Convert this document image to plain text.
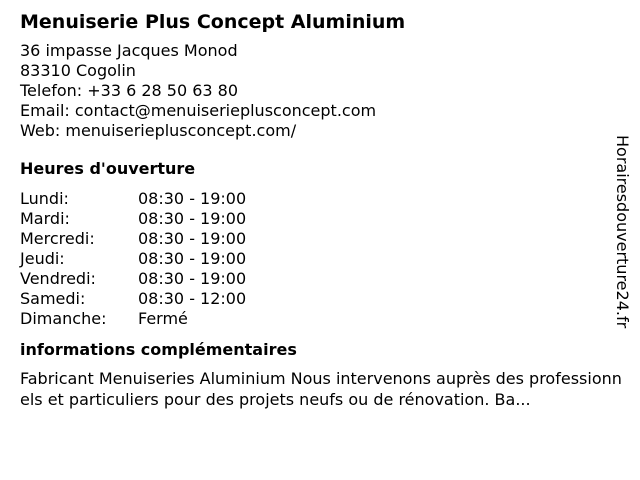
Menuiserie Plus Concept Aluminium
36 impasse Jacques Monod
83310 Cogolin
Telefon: +33 6 28 50 63 80
Email: contact@menuiserieplusconcept.com
Web: menuiserieplusconcept.com/
Heures d'ouverture
Lundi:	08:30 - 19:00
Mardi:	08:30 - 19:00
Mercredi:	08:30 - 19:00
Jeudi:	08:30 - 19:00
Vendredi:	08:30 - 19:00
Samedi:	08:30 - 12:00
Dimanche:	Fermé
informations complémentaires
Fabricant Menuiseries Aluminium Nous intervenons auprès des professionnels et particuliers pour des projets neufs ou de rénovation. Ba...
Horairesdouverture24.fr
